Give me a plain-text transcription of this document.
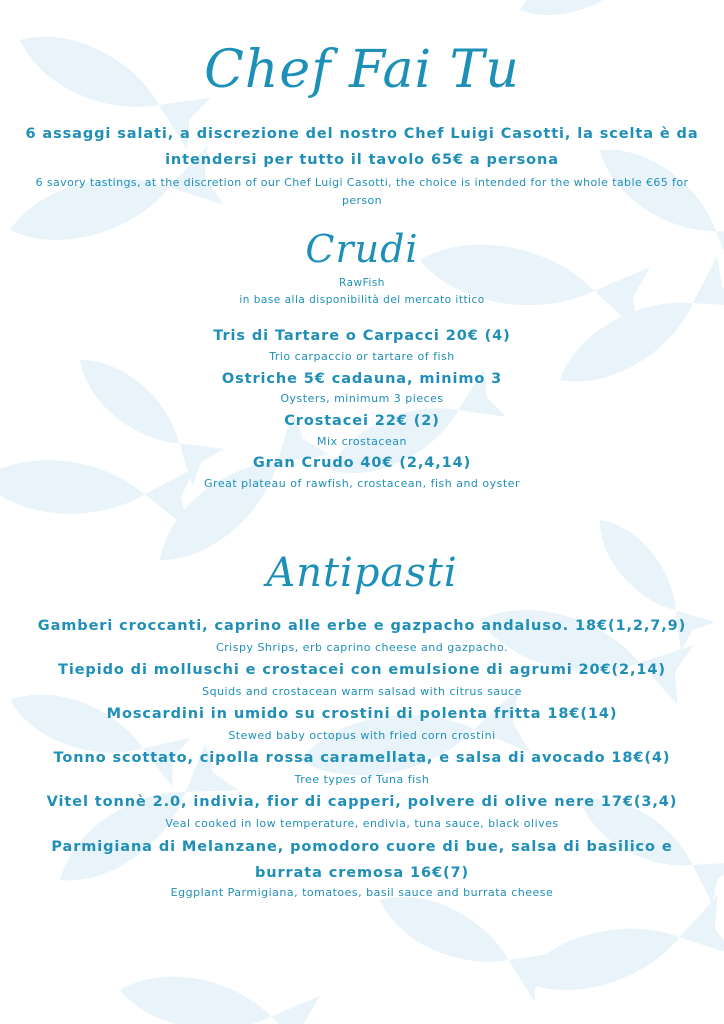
Chef Fai Tu
6 assaggi salati, a discrezione del nostro Chef Luigi Casotti, la scelta è da intendersi per tutto il tavolo 65€ a persona
6 savory tastings, at the discretion of our Chef Luigi Casotti, the choice is intended for the whole table €65 for person
Crudi
RawFish
in base alla disponibilità del mercato ittico
Tris di Tartare o Carpacci 20€ (4)
Trio carpaccio or tartare of fish
Ostriche 5€ cadauna, minimo 3
Oysters, minimum 3 pieces
Crostacei 22€ (2)
Mix crostacean
Gran Crudo 40€ (2,4,14)
Great plateau of rawfish, crostacean, fish and oyster
Antipasti
Gamberi croccanti, caprino alle erbe e gazpacho andaluso. 18€(1,2,7,9)
Crispy Shrips, erb caprino cheese and gazpacho.
Tiepido di molluschi e crostacei con emulsione di agrumi 20€(2,14)
Squids and crostacean warm salsad with citrus sauce
Moscardini in umido su crostini di polenta fritta 18€(14)
Stewed baby octopus with fried corn crostini
Tonno scottato, cipolla rossa caramellata, e salsa di avocado 18€(4)
Tree types of Tuna fish
Vitel tonnè 2.0, indivia, fior di capperi, polvere di olive nere 17€(3,4)
Veal cooked in low temperature, endivia, tuna sauce, black olives
Parmigiana di Melanzane, pomodoro cuore di bue, salsa di basilico e burrata cremosa 16€(7)
Eggplant Parmigiana, tomatoes, basil sauce and burrata cheese
